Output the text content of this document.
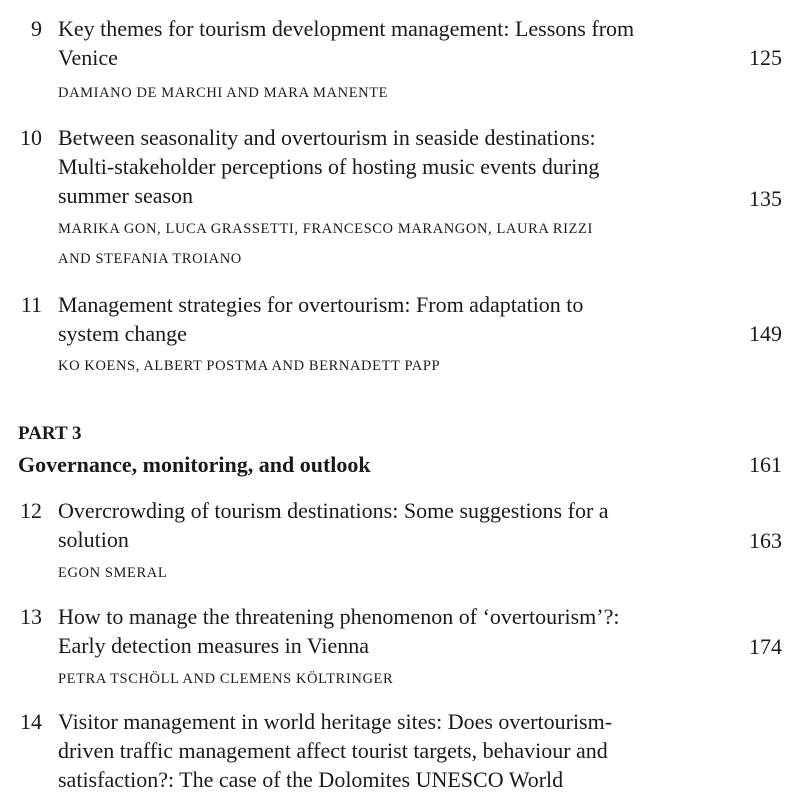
9 Key themes for tourism development management: Lessons from
Venice	125
DAMIANO DE MARCHI AND MARA MANENTE
10 Between seasonality and overtourism in seaside destinations:
Multi-stakeholder perceptions of hosting music events during
summer season	135
MARIKA GON, LUCA GRASSETTI, FRANCESCO MARANGON, LAURA RIZZI
AND STEFANIA TROIANO
11 Management strategies for overtourism: From adaptation to
system change	149
KO KOENS, ALBERT POSTMA AND BERNADETT PAPP
PART 3
Governance, monitoring, and outlook	161
12 Overcrowding of tourism destinations: Some suggestions for a
solution	163
EGON SMERAL
13 How to manage the threatening phenomenon of ‘overtourism’?:
Early detection measures in Vienna	174
PETRA TSCHÖLL AND CLEMENS KÖLTRINGER
14 Visitor management in world heritage sites: Does overtourism-
driven traffic management affect tourist targets, behaviour and
satisfaction?: The case of the Dolomites UNESCO World
